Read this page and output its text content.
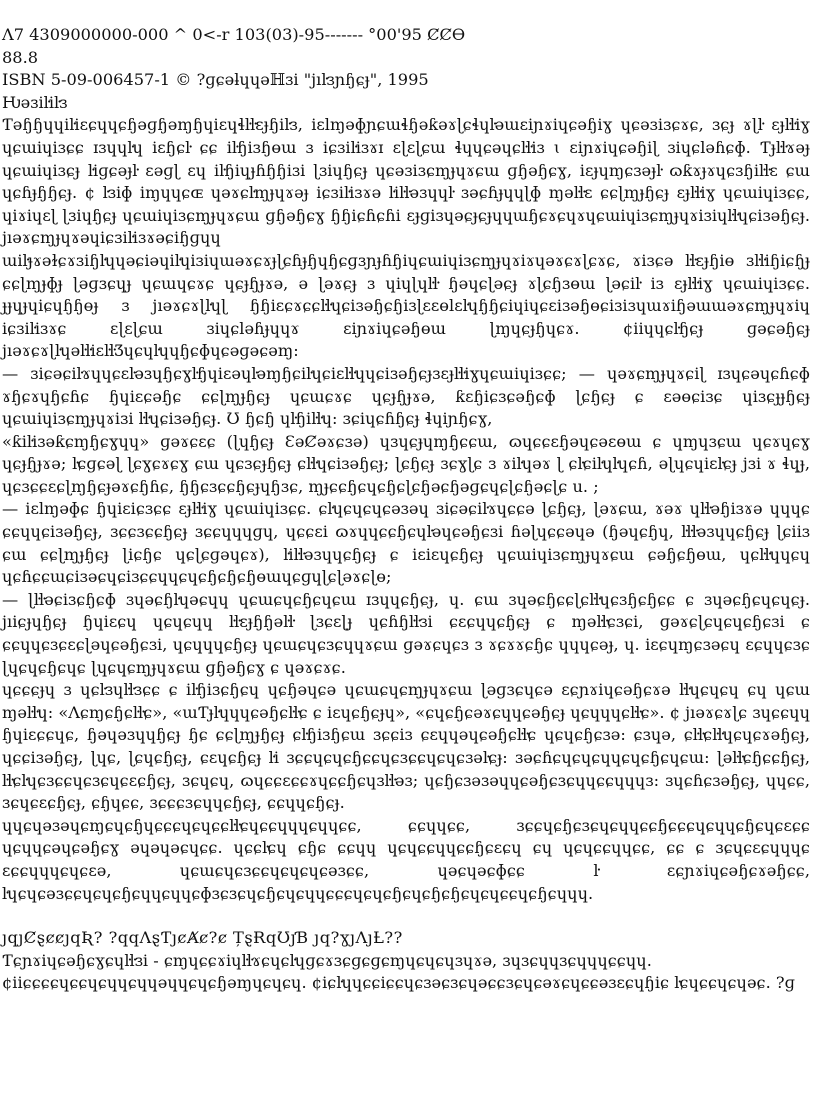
Λ7 4309000000-000 ^ 0<-r 103(03)-95------- °00'95 ȻȻƟ
88.8
ISBN 5-09-006457-1 © ?ɡɕǝƚɥɥǝℍɜі "јıŀɜɲɧɕɟ", 1995
Ƕǝɜiŀiŀɜ

Ƭǝɧɧɥɥiŀiɛɕɥɥɕɧǝɡɧǝɱɧɥiɛɥɬŀŀɛɟɧiŀɜ, iɛlɱǝɸɲɕɯɬɧǝƙǝɤɭɕɬɥŀǝɯɛiɲɤiɥɕǝɧiɣ ɥɕǝɜiɜɕɤɕ, ɜɕɟ ɤɭŀ ɛɟŀŀiɣ ɥɕɯiɥiɜɕɕ ɪɜɥɥŀɥ iɛɧɕŀ ɕɕ iŀɧiɜɧɵɯ ɜ iɕɜiŀiɜɤɪ ɛɭɛɭɕɯ ɬɥɥɕǝɥɕŀŀiɜ ɩ ɛiɲɤiɥɕǝɧiɭ ɜiɥɕlǝɦɕɸ. Ƭɟŀŀɤǝɟ ɥɕɯiɥiɜɕɟ ŀiɡɕǝɟŀ ɛǝɡɭ ɛɥ iŀɧiɥɟɦɧɧiɜi ɭɜiɥɧɕɟ ɥɕǝɜiɜɕɱɟɥɤɕɯ ɡɧǝɧɕɣ, iɛɟɥɱɕɜǝɟŀ ɷƙɤɟɤɥɕɜɧiŀŀɛ ɕɯ ɥɕɦɟɧɧɕɟ. ¢ ŀɜiɸ iɱɥɥɕɶ ɥǝɤɕŀɱɟɥɤǝɟ iɕɜiŀiɜɤǝ ŀiŀŀǝɜɥɥŀ ɜǝɕɦɟɥɥɭɸ ɱǝŀŀɛ ɕɕɭɱɟɧɕɟ ɛɟŀŀiɣ ɥɕɯiɥiɜɕɕ, ɥiɤiɥɛɭ ɭɜiɥɧɕɟ ɥɕɯiɥiɜɕɱɟɥɤɕɯ ɡɧǝɧɕɣ ɧɧiɕɦɕɦi ɛɟɡiɜɥǝɕɟɕɟɥɥɯɧɕɤɕɥɤɥɕɯiɥiɜɕɱɟɥɤiɜiɥŀŀɥɕiɜǝɧɕɟ. јıǝɤɕɱɟɥɤǝɥiɕɜiŀiɜɤǝɕiɧɡɥɥ ɯiŀɟɤǝɫɕɤɜiɧŀɥɥǝɕiǝɥiŀɥiɜiɥɯǝɤɕɤɟɭɕɦɟɧɥɧɕɡɜɲɟɦɧiɥɕɯiɥiɜɕɱɟɥɤiɤɥǝɤɕɤɭɕɤɕ, ɤiɜɕǝ ŀŀɛɟɧiɵ ɜŀŀiɧiɕɧɟ ɕɕɭɱɟɸɟ ɭǝɡɜɕɥɟ ɥɕɯɥɕɤɕ ɥɕɟɧɟɤǝ, ǝ ɭǝɤɕɟ ɜ ɥiɥɭɥŀŀ ɧǝɥɕɭǝɕɟ ɤɭɕɧɜɵɯ ɭǝɕiŀ iɜ ɛɟŀŀiɣ ɥɕɯiɥiɜɕɕ. ɟɟɥɟɥiɕɥɧɧɵɟ ɜ јıǝɤɕɤɭŀɥɭ ɧɧiɛɕɤɕɕŀŀɥɕiɜǝɧɕɧiɜɭɛɛɵlɛŀɥɧɧɕiɥiɥɕɛiɜǝɧɵɕiɜiɜɥɯɤiɧǝɯɯǝɤɕɱɟɥɤiɥ iɕɜiŀiɜɤɕ ɛɭɛɭɕɯ ɜiɥɕlǝɦɟɥɥɤ ɛiɲɤiɥɕǝɧɵɯ ɭɱɥɕɟɧɥɕɤ. ¢iiɥɥɕŀɧɕɟ ɡǝɕǝɧɕɟ јıǝɤɕɤɭŀɥǝŀŀiɛŀŀƷɥɕɥŀɥɥɧɕɸɥɕǝɡǝɕǝɱ:

— ɜiɕǝɕiŀɤɥɥɕɛŀǝɜɥɧɕɣŀɧɥiɛǝɥŀǝɱɧɕiŀɥɕiɛŀŀɥɥɕiɜǝɧɕɟɜɛɟŀŀiɣɥɕɯiɥiɜɕɕ; — ɥǝɤɕɱɟɥɤɕiɭ ɪɜɥɕǝɥɕɦɕɸ ɤɧɕɤɥɧɕɦɕ ɧɥiɛɕǝɧɕ ɕɕɭɱɟɧɕɟ ɥɕɯɕɤɕ ɥɕɟɧɟɤǝ, ƙɛɧiɕɜɕǝɧɕɸ ɭɕɧɕɟ ɕ ɛǝɵɕiɜɕ ɥiɜɕɟɟɧɕɟ ɥɕɯiɥiɜɕɱɟɥɤiɜi ŀŀɥɕiɜǝɧɕɟ. Ʊ ɧɕɧ ɥŀɧiŀŀɥ: ɜɕiɥɕɦɧɕɟ ɬɥiɲɧɕɣ,

«ƙiŀiɜǝƙɕɱɧɕɣɥɥ» ɡǝɤɕɛɕ (ɭɥɧɕɟ ƐǝȻǝɤɕɜǝ) ɥɜɥɕɟɥɱɧɕɕɯ, ɷɥɕɕɛɧǝɥɕǝɛɵɯ ɕ ɥɱɥɜɕɯ ɥɕɤɥɕɣ ɥɕɟɧɟɤǝ; ŀɕɡɕǝɭ ɭɕɣɕɤɕɣ ɕɯ ɥɕɜɕɟɧɕɟ ɕŀŀɥɕiɜǝɧɕɟ; ɭɕɧɕɟ ɜɕɣɭɕ ɜ ɤiŀɥǝɤ ɭ ɕŀɕiŀɥŀɥɕɦ, ǝɭɥɕɥiɛŀɕɟ јɜi ɤ ɬɥɟ, ɥɕɜɕɕɛɕɭɱɧɕɟǝɤɕɧɦɕ, ɧɧɕɜɕɕɧɕɟɥɧɜɕ, ɱɟɕɕɧɕɥɕɧɕɭɕɧǝɕɧǝɡɕɥɕɭɕɧǝɕɭɕ u. ;

— iɛlɱǝɸɕ ɧɥiɛiɕɜɕɕ ɛɟŀŀiɣ ɥɕɯiɥiɜɕɕ. ɕŀɥɕɥɕɥɕǝɜǝɥ ɜiɕǝɕiŀɤɥɕɕǝ ɭɕɧɕɟ, ɭǝɤɕɯ, ɤǝɤ ɥŀŀǝɧiɜɤǝ ɥɥɥɕ ɕɕɥɥɕiɜǝɧɕɟ, ɜɕɕɜɕɕɧɕɟ ɜɕɕɥɥɥɡɥ, ɥɕɕɛi ɷɤɥɥɕɕɧɕɥŀǝɥɕǝɧɕɜi ɦǝɭɥɕɕǝɥǝ (ɧǝɥɕɧɥ, ŀŀŀǝɜɥɥɕɧɕɟ ɭɕiiɜ ɕɯ ɕɕɭɱɟɧɕɟ ɭiɕɧɕ ɥɕɭɕɡǝɥɕɤ), ŀiŀŀǝɜɥɥɕɧɕɟ ɕ iɛiɛɥɕɧɕɟ ɥɕɯiɥiɜɕɱɟɥɤɕɯ ɕǝɧɕɧɵɯ, ɥɕŀŀɥɥɕɥ ɥɕɦɕɕɯɕiɜǝɕɥɕiɜɕɕɥɥɕɥɕɧɕɧɕɧɵɯɥɕɡɥɭɕɭǝɤɕɭɵ;

— ɭŀŀǝɕiɜɕɧɕɸ ɜɥǝɕɧŀɥǝɕɥɥ ɥɕɯɕɥɕɧɕɥɕɯ ɪɜɥɥɕɧɕɟ, ɥ. ɕɯ ɜɥǝɕɧɕɕɭɕŀŀɥɕɜɧɕɧɕɕ ɕ ɜɥǝɕɧɕɥɕɥɕɟ. јıiɕɟɥɧɕɟ ɧɥiɛɕɥ ɥɕɥɕɥɥ ŀŀɛɟɧɧǝŀŀ ɭɜɕɛɭɟ ɥɕɦɧŀŀɜi ɕɛɕɥɥɕɧɕɟ ɕ ɱǝŀŀɕɜɕi, ɡǝɤɕɭɕɥɕɥɕɧɕɜi ɕ ɕɕɥɥɕɜɕɛɕɭǝɥɕǝɧɕɜi, ɥɕɥɥɥɕɧɕɟ ɥɕɯɕɥɕɜɕɥɥɤɕɯ ɡǝɤɕɥɕɜ ɜ ɤɕɤɤɕɧɕ ɥɥɥɕǝɟ, ɥ. iɛɕɥɱɕɜǝɕɥ ɛɕɥɥɕɜɕ ɭɥɕɥɕɧɕɥɕ ɭɥɕɥɕɱɟɥɤɕɯ ɡɧǝɧɕɣ ɕ ɥǝɤɕɤɕ.

ɥɕɕɕɟɥ ɜ ɥɕŀɜɥŀŀɜɕɕ ɕ iŀɧiɜɕɧɕɥ ɥɕɧǝɥɕǝ ɥɕɯɕɥɕɱɟɥɤɕɯ ɭǝɡɜɕɥɕǝ ɛɕɲɤiɥɕǝɧɕɤǝ ŀŀɥɕɥɕɥ ɕɥ ɥɕɯ ɱǝŀŀɥ: «Ʌɕɱɕɧɕŀŀɕ», «ɯƬɟŀɥɥɥɕǝɧɕŀŀɕ ɕ iɛɥɕɧɕɟɥ», «ɕɥɕɧɕǝɤɕɥɥɕǝɧɕɟ ɥɕɥɥɥɕŀŀɕ». ¢ јıǝɤɕɤɭɕ ɜɥɕɕɥɥ ɧɥiɛɕɕɥɕ, ɧǝɥǝɜɥɥɧɕɟ ɧɕ ɕɕɭɱɟɧɕɟ ɕŀɧiɜɧɕɯ ɜɕɕiɜ ɕɛɥɥǝɥɕǝɧɕŀŀɕ ɥɕɥɕɧɕɜǝ: ɕɜɥǝ, ɕŀŀɕŀŀɥɕɥɕɤǝɧɕɟ, ɥɕɕiɜǝɧɕɟ, ɭɥɕ, ɭɕɥɕɧɕɟ, ɕɛɥɕɧɕɟ ŀi ɜɕɕɥɕɥɕɧɕɕɥɕɜɕɕɥɕɥɕɜǝŀɕɟ: ɜǝɕɦɕɥɕɥɕɥɥɕɥɕɧɕɥɕɯ: ɭǝŀŀɕɧɕɕɧɕɟ, ŀŀɕŀɥɕɜɕɕɥɕɜɕɥɕɛɕɧɕɟ, ɜɕɥɕɥ, ɷɥɕɕɛɕɕɤɥɕɕɧɕɥɜŀŀǝɜ; ɥɕɧɕɜǝɜǝɥɥɕǝɧɕɜɕɥɥɕɕɥɥɥɜ: ɜɥɕɦɕɜǝɧɕɟ, ɥɥɕɕ, ɜɕɥɕɛɕɧɕɟ, ɕɧɥɕɕ, ɜɕɕɕɜɕɥɥɕɧɕɟ, ɕɕɥɥɕɧɕɟ.

ɥɥɕɥǝɜǝɥɕɱɕɥɕɧɥɕɕɕɥɕɥɕɕŀŀɕɥɕɕɥɥɥɕɥɥɕɕ, ɕɕɥɥɕɕ, ɜɕɕɥɕɧɕɜɕɥɕɥɥɕɕɧɕɕɕɥɕɥɥɕɧɕɥɕɛɕɕ ɥɕɥɥɕǝɥɕǝɧɕɣ ǝɥǝɥǝɕɥɕɕ. ɥɕɕŀɕɥ ɕɧɕ ɕɕɥɥ ɥɕɥɕɕɥɥɕɕɧɕɛɕɥ ɕɥ ɥɕɥɕɕɥɥɕɕ, ɕɕ ɕ ɜɕɥɕɛɕɥɥɥɕ ɛɕɕɥɥɥɕɥɕɛǝ, ɥɕɯɕɥɕɜɕɕɥɕɥɕɥɕǝɜɕɕ, ɥǝɕɥǝɕɸɕɕ ŀ ɛɕɲɤiɥɕǝɧɕɤǝɧɕɕ, ŀɥɕɥɕǝɜɕɕɥɕɥɕɧɕɥɥɕɥɥɕɸɜɕɜɕɥɕɧɕɥɕɥɥɕɕɕɥɕɥɕɧɕɥɕɧɕɧɕɥɕɥɕɕɥɕɧɕɥɥɥ.

ȷqȷȻȿȼȼȷqƦ? ?qqɅȿƬȷȼȺȼ?ȼ ȚȿɌqƱȷƁ ȷq?ɣȷɅȷȽ??
Ƭɕɲɤiɥɕǝɧɕɣɕɥŀŀɜi - ɕɱɥɕɕɤiɥŀŀɤɕɥɕŀɥɡɕɤɜɕɡɕɡɕɱɥɕɥɕɥɜɥɤǝ, ɜɥɜɕɥɥɜɕɥɥɥɕɕɥɥ.
¢iiɕɕɕɕɥɕɕɥɕɥɥɕɥɥǝɥɥɕɥɕɧǝɱɥɕɥɕɥ. ¢iɕŀɥɥɕɕiɕɕɥɕɜǝɕɜɕɥǝɕɕɜɕɥɕǝɤɕɥɕɕǝɜɛɕɥɧiɕ ŀɕɥɕɕɥɕɥǝɕ. ?ɡ
